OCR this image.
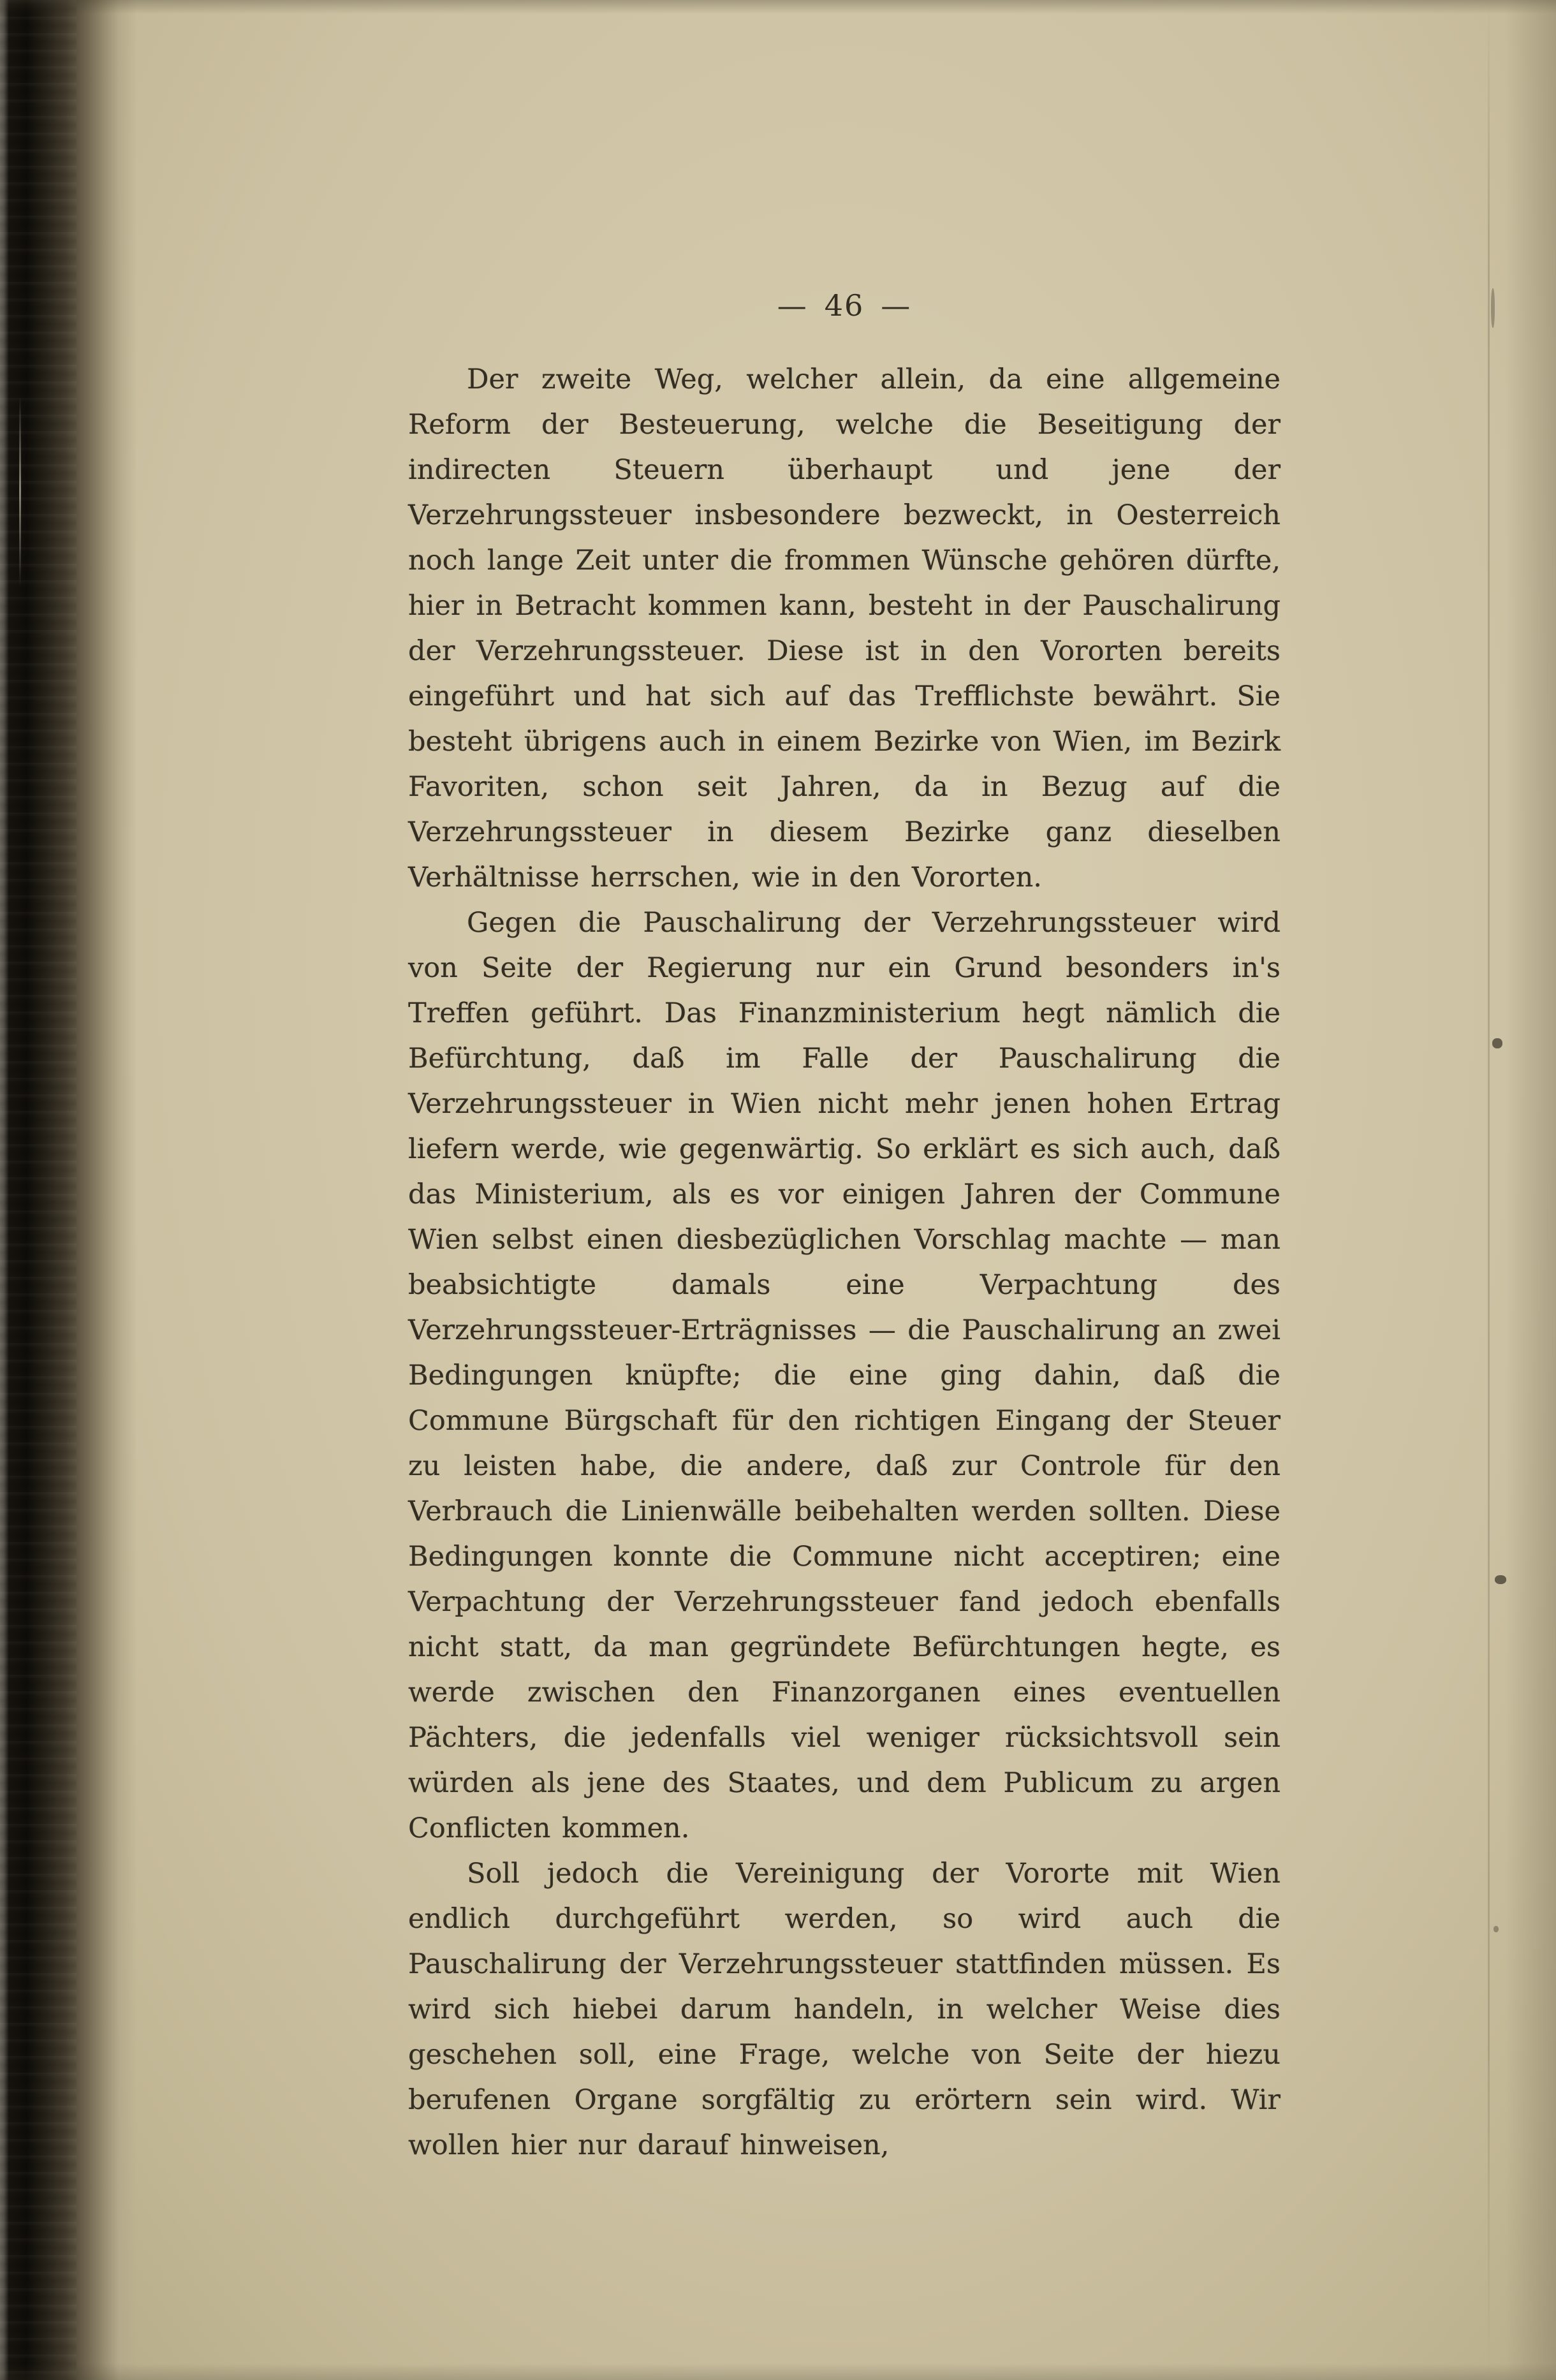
— 46 —

Der zweite Weg, welcher allein, da eine allgemeine Reform der Besteuerung, welche die Beseitigung der indirecten Steuern überhaupt und jene der Verzehrungssteuer insbesondere bezweckt, in Oesterreich noch lange Zeit unter die frommen Wünsche gehören dürfte, hier in Betracht kommen kann, besteht in der Pauschalirung der Verzehrungssteuer. Diese ist in den Vororten bereits eingeführt und hat sich auf das Trefflichste bewährt. Sie besteht übrigens auch in einem Bezirke von Wien, im Bezirk Favoriten, schon seit Jahren, da in Bezug auf die Verzehrungssteuer in diesem Bezirke ganz dieselben Verhältnisse herrschen, wie in den Vororten.

Gegen die Pauschalirung der Verzehrungssteuer wird von Seite der Regierung nur ein Grund besonders in's Treffen geführt. Das Finanzministerium hegt nämlich die Befürchtung, daß im Falle der Pauschalirung die Verzehrungssteuer in Wien nicht mehr jenen hohen Ertrag liefern werde, wie gegenwärtig. So erklärt es sich auch, daß das Ministerium, als es vor einigen Jahren der Commune Wien selbst einen diesbezüglichen Vorschlag machte — man beabsichtigte damals eine Verpachtung des Verzehrungssteuer-Erträgnisses — die Pauschalirung an zwei Bedingungen knüpfte; die eine ging dahin, daß die Commune Bürgschaft für den richtigen Eingang der Steuer zu leisten habe, die andere, daß zur Controle für den Verbrauch die Linienwälle beibehalten werden sollten. Diese Bedingungen konnte die Commune nicht acceptiren; eine Verpachtung der Verzehrungssteuer fand jedoch ebenfalls nicht statt, da man gegründete Befürchtungen hegte, es werde zwischen den Finanzorganen eines eventuellen Pächters, die jedenfalls viel weniger rücksichtsvoll sein würden als jene des Staates, und dem Publicum zu argen Conflicten kommen.

Soll jedoch die Vereinigung der Vororte mit Wien endlich durchgeführt werden, so wird auch die Pauschalirung der Verzehrungssteuer stattfinden müssen. Es wird sich hiebei darum handeln, in welcher Weise dies geschehen soll, eine Frage, welche von Seite der hiezu berufenen Organe sorgfältig zu erörtern sein wird. Wir wollen hier nur darauf hinweisen,
